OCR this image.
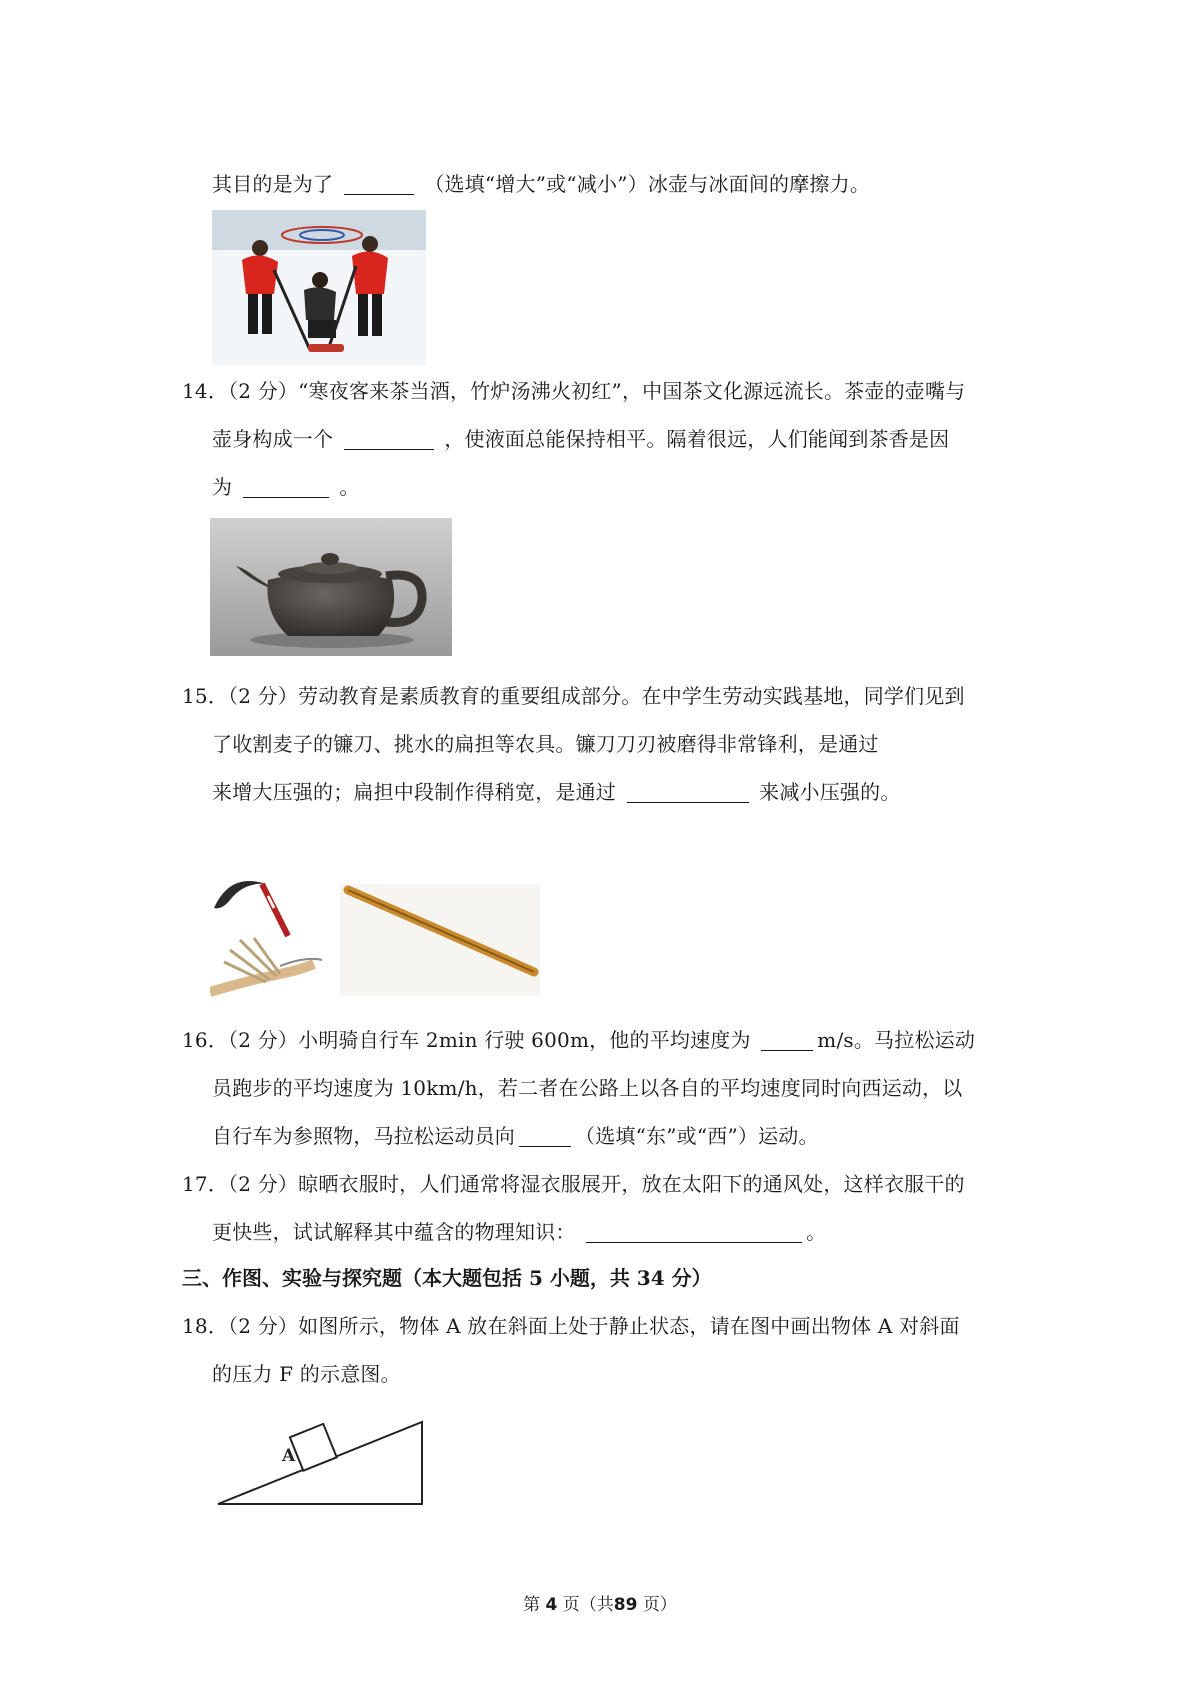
其目的是为了	（选填“增大”或“减小”）冰壶与冰面间的摩擦力。
14．（2 分）“寒夜客来茶当酒，竹炉汤沸火初红”，中国茶文化源远流长。茶壶的壶嘴与
壶身构成一个	，使液面总能保持相平。隔着很远，人们能闻到茶香是因
为	。
15．（2 分）劳动教育是素质教育的重要组成部分。在中学生劳动实践基地，同学们见到
了收割麦子的镰刀、挑水的扁担等农具。镰刀刀刃被磨得非常锋利，是通过
来增大压强的；扁担中段制作得稍宽，是通过	来减小压强的。
16．（2 分）小明骑自行车 2min 行驶 600m，他的平均速度为	m/s。马拉松运动
员跑步的平均速度为 10km/h，若二者在公路上以各自的平均速度同时向西运动，以
自行车为参照物，马拉松运动员向	（选填“东”或“西”）运动。
17．（2 分）晾晒衣服时，人们通常将湿衣服展开，放在太阳下的通风处，这样衣服干的
更快些，试试解释其中蕴含的物理知识：	。
三、作图、实验与探究题（本大题包括 5 小题，共 34 分）
18．（2 分）如图所示，物体 A 放在斜面上处于静止状态，请在图中画出物体 A 对斜面
的压力 F 的示意图。
A
第 4 页（共89 页）
